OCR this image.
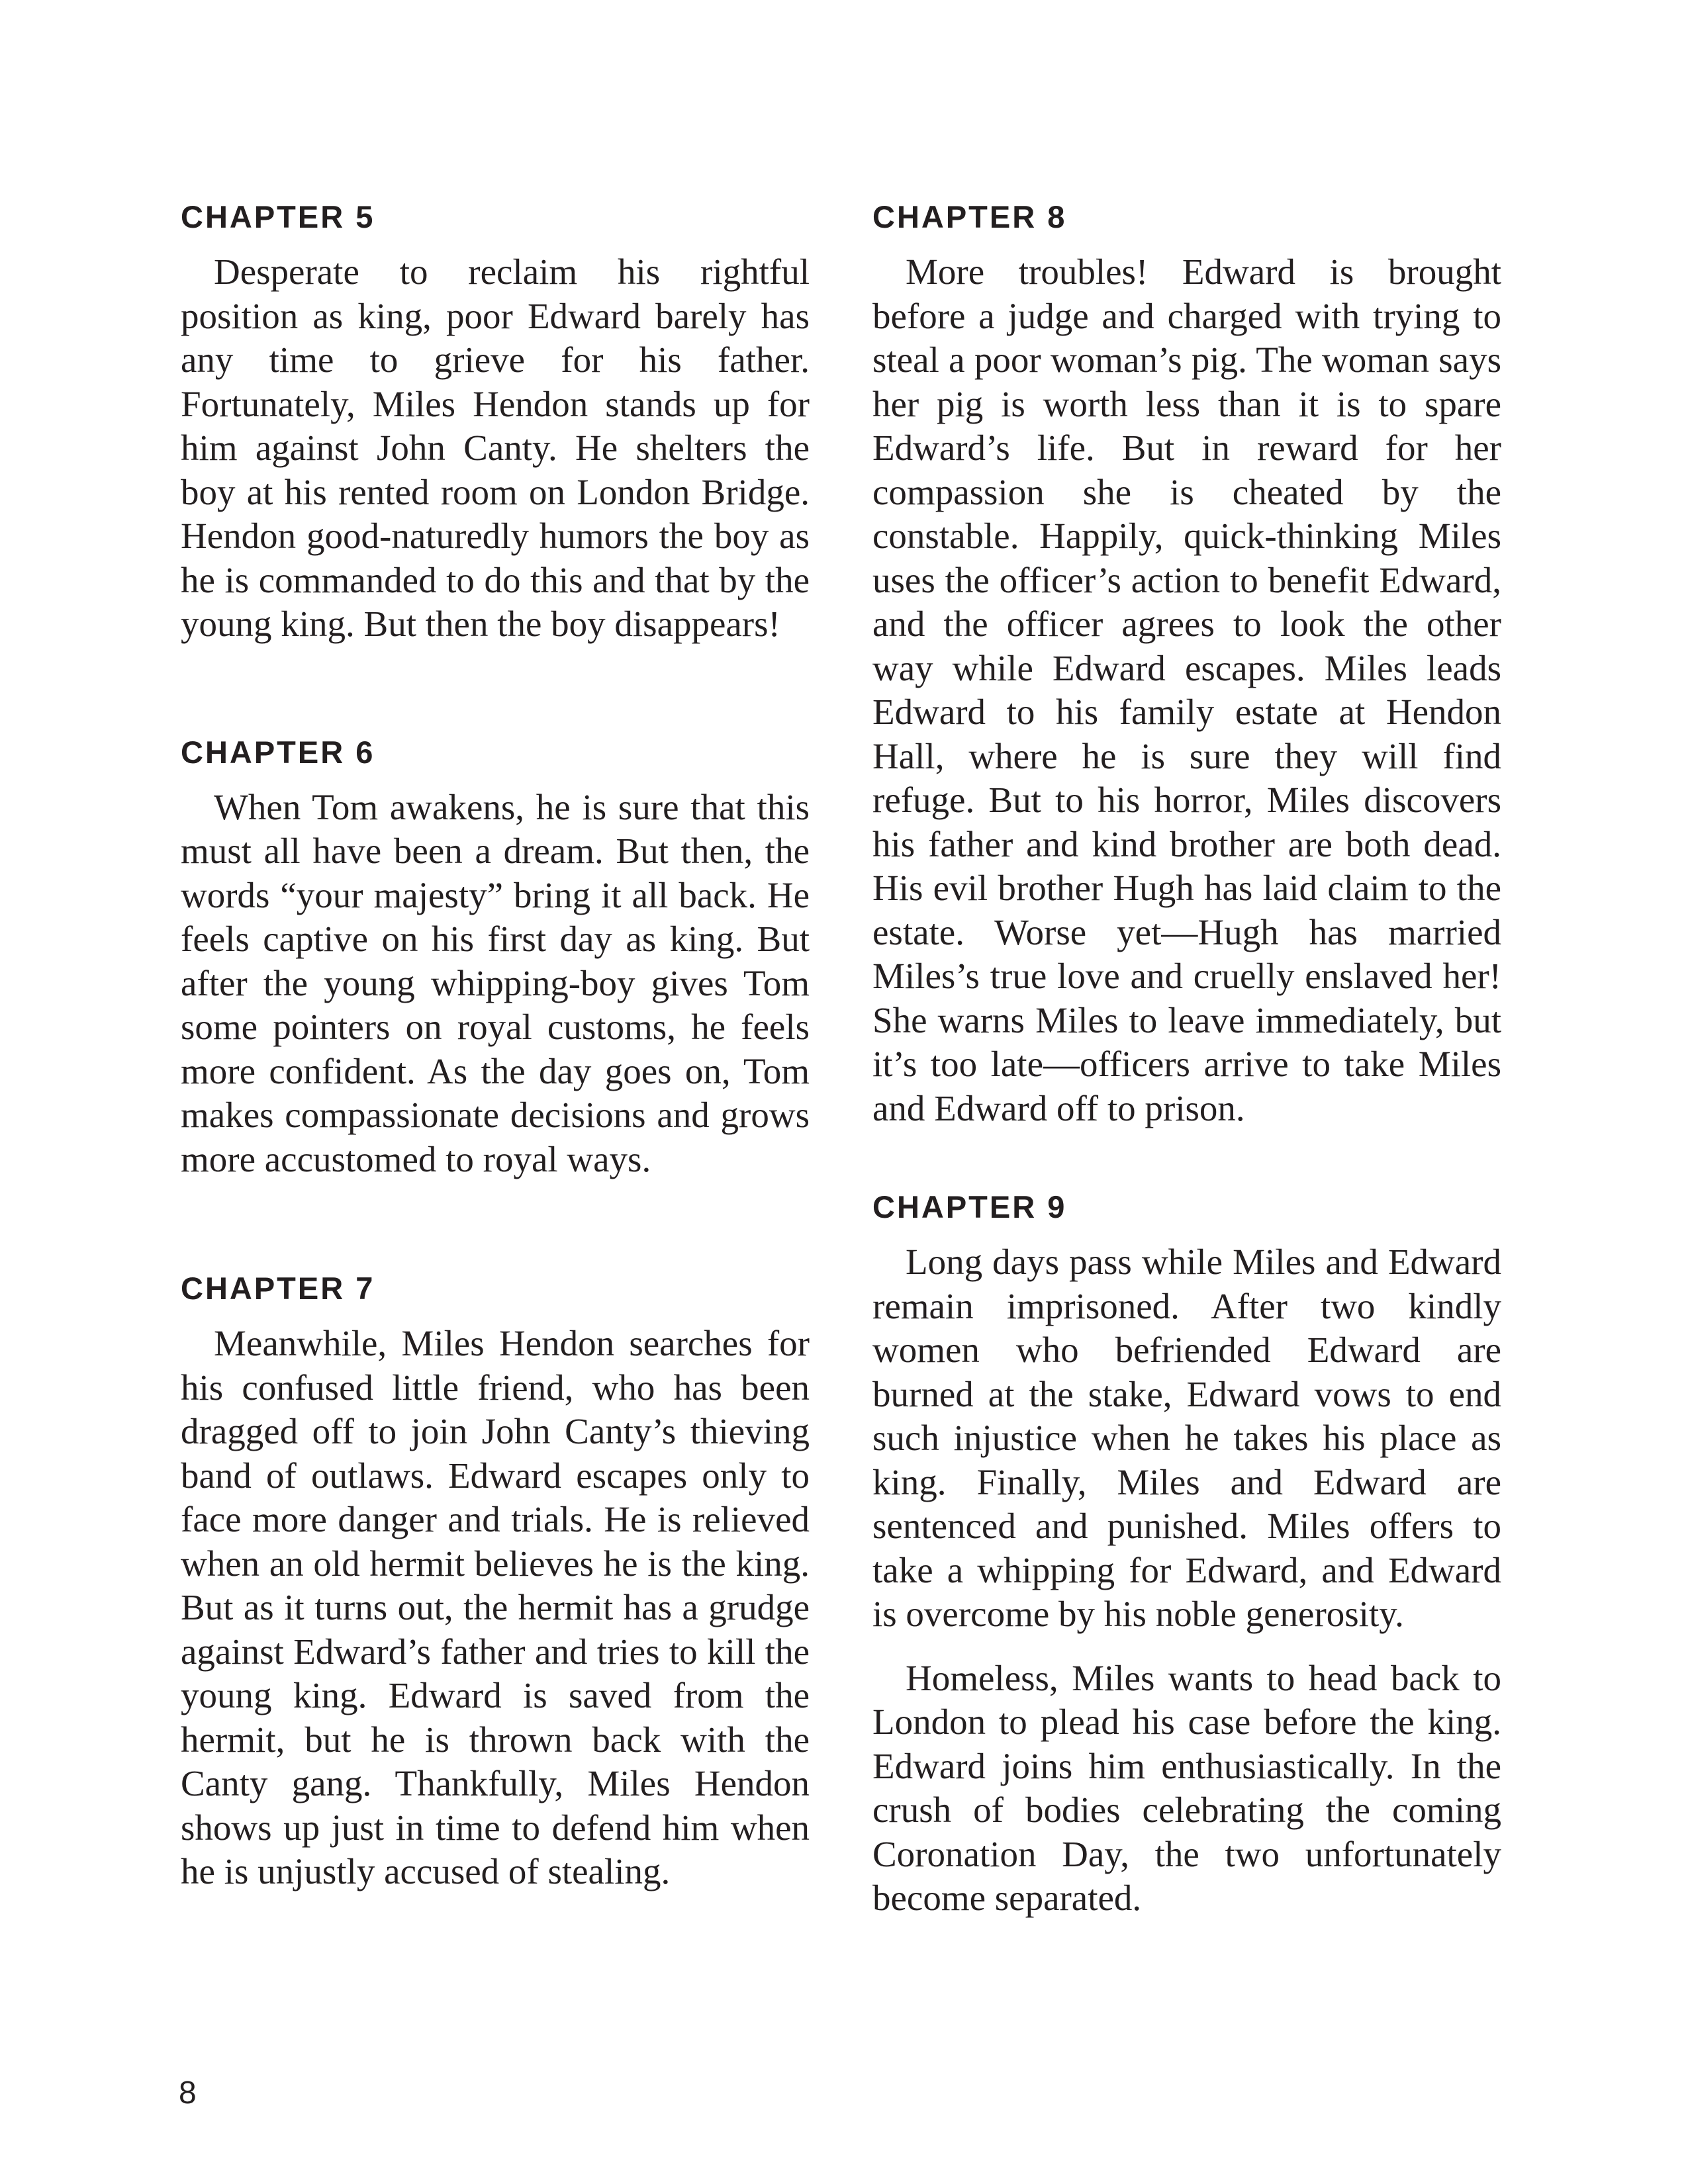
CHAPTER 5

Desperate to reclaim his rightful position as king, poor Edward barely has any time to grieve for his father. Fortunately, Miles Hendon stands up for him against John Canty. He shelters the boy at his rented room on London Bridge. Hendon good-naturedly humors the boy as he is commanded to do this and that by the young king. But then the boy disappears!

CHAPTER 6

When Tom awakens, he is sure that this must all have been a dream. But then, the words “your majesty” bring it all back. He feels captive on his first day as king. But after the young whipping-boy gives Tom some pointers on royal customs, he feels more confident. As the day goes on, Tom makes compassionate decisions and grows more accustomed to royal ways.

CHAPTER 7

Meanwhile, Miles Hendon searches for his confused little friend, who has been dragged off to join John Canty’s thieving band of outlaws. Edward escapes only to face more danger and trials. He is relieved when an old hermit believes he is the king. But as it turns out, the hermit has a grudge against Edward’s father and tries to kill the young king. Edward is saved from the hermit, but he is thrown back with the Canty gang. Thankfully, Miles Hendon shows up just in time to defend him when he is unjustly accused of stealing.

CHAPTER 8

More troubles! Edward is brought before a judge and charged with trying to steal a poor woman’s pig. The woman says her pig is worth less than it is to spare Edward’s life. But in reward for her compassion she is cheated by the constable. Happily, quick-thinking Miles uses the officer’s action to benefit Edward, and the officer agrees to look the other way while Edward escapes. Miles leads Edward to his family estate at Hendon Hall, where he is sure they will find refuge. But to his horror, Miles discovers his father and kind brother are both dead. His evil brother Hugh has laid claim to the estate. Worse yet—Hugh has married Miles’s true love and cruelly enslaved her! She warns Miles to leave immediately, but it’s too late—officers arrive to take Miles and Edward off to prison.

CHAPTER 9

Long days pass while Miles and Edward remain imprisoned. After two kindly women who befriended Edward are burned at the stake, Edward vows to end such injustice when he takes his place as king. Finally, Miles and Edward are sentenced and punished. Miles offers to take a whipping for Edward, and Edward is overcome by his noble generosity.

Homeless, Miles wants to head back to London to plead his case before the king. Edward joins him enthusiastically. In the crush of bodies celebrating the coming Coronation Day, the two unfortunately become separated.

8
